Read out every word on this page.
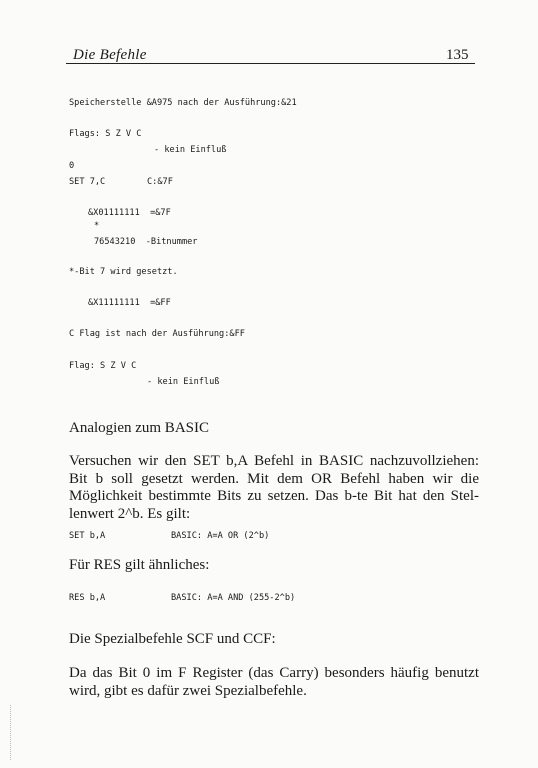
Die Befehle	135
Speicherstelle &A975 nach der Ausführung:&21
Flags: S Z V C
- kein Einfluß
0
SET 7,C	C:&7F
&X01111111  =&7F
*
76543210  -Bitnummer
*-Bit 7 wird gesetzt.
&X11111111  =&FF
C Flag ist nach der Ausführung:&FF
Flag: S Z V C
- kein Einfluß
Analogien zum BASIC
Versuchen wir den SET b,A Befehl in BASIC nachzuvollziehen:
Bit b soll gesetzt werden. Mit dem OR Befehl haben wir die
Möglichkeit bestimmte Bits zu setzen. Das b-te Bit hat den Stel-
lenwert 2^b. Es gilt:
SET b,A	BASIC: A=A OR (2^b)
Für RES gilt ähnliches:
RES b,A	BASIC: A=A AND (255-2^b)
Die Spezialbefehle SCF und CCF:
Da das Bit 0 im F Register (das Carry) besonders häufig benutzt
wird, gibt es dafür zwei Spezialbefehle.
